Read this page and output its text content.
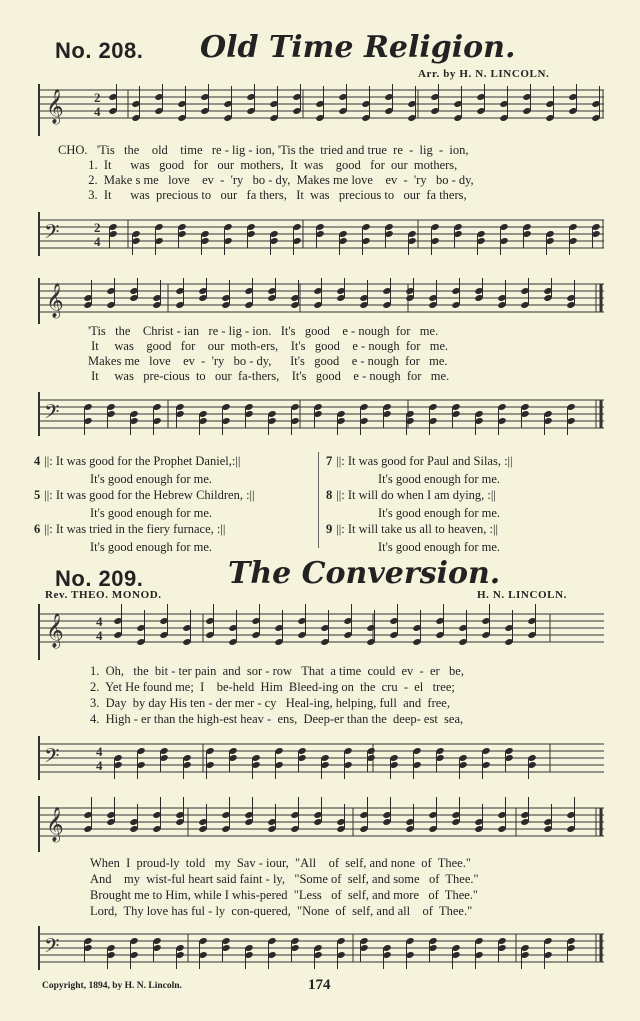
No. 208. Old Time Religion.
Arr. by H. N. LINCOLN.
𝄞 2
4
CHO.   'Tis   the    old    time   re - lig - ion, 'Tis the  tried and true  re  -  lig  -  ion,
1.  It      was   good   for   our  mothers,  It  was    good   for  our  mothers,
2.  Make s me   love    ev  -  'ry   bo - dy,  Makes me love    ev  -  'ry   bo - dy,
3.  It      was  precious to   our   fa thers,   It  was   precious to   our  fa thers,
𝄢	2
4
𝄞
'Tis   the    Christ - ian   re - lig - ion.   It's   good    e - nough  for   me.
It     was    good   for    our  moth-ers,    It's   good    e - nough  for   me.
Makes me   love    ev  -  'ry   bo - dy,      It's   good    e - nough  for   me.
It     was   pre-cious  to   our  fa-thers,    It's   good    e - nough  for   me.
𝄢
4 ||: It was good for the Prophet Daniel,:||
It's good enough for me.
5 ||: It was good for the Hebrew Children, :||
It's good enough for me.
6 ||: It was tried in the fiery furnace, :||
It's good enough for me.
7 ||: It was good for Paul and Silas, :||
It's good enough for me.
8 ||: It will do when I am dying, :||
It's good enough for me.
9 ||: It will take us all to heaven, :||
It's good enough for me.
No. 209.	The Conversion.
Rev. THEO. MONOD.	H. N. LINCOLN.
𝄞 4
4
1.  Oh,   the  bit - ter pain  and  sor - row   That  a time  could  ev  -  er   be,
2.  Yet He found me;  I    be-held  Him  Bleed-ing on  the  cru  -  el   tree;
3.  Day  by day His ten - der mer - cy   Heal-ing, helping, full  and  free,
4.  High - er than the high-est heav -  ens,  Deep-er than the  deep- est  sea,
𝄢	4
4
𝄞
When  I  proud-ly  told   my  Sav - iour,  "All    of  self, and none  of  Thee."
And    my  wist-ful heart said faint - ly,   "Some of  self, and some   of  Thee."
Brought me to Him, while I whis-pered  "Less   of  self, and more   of  Thee."
Lord,  Thy love has ful - ly  con-quered,  "None  of  self, and all    of  Thee."
𝄢
Copyright, 1894, by H. N. Lincoln.	174
